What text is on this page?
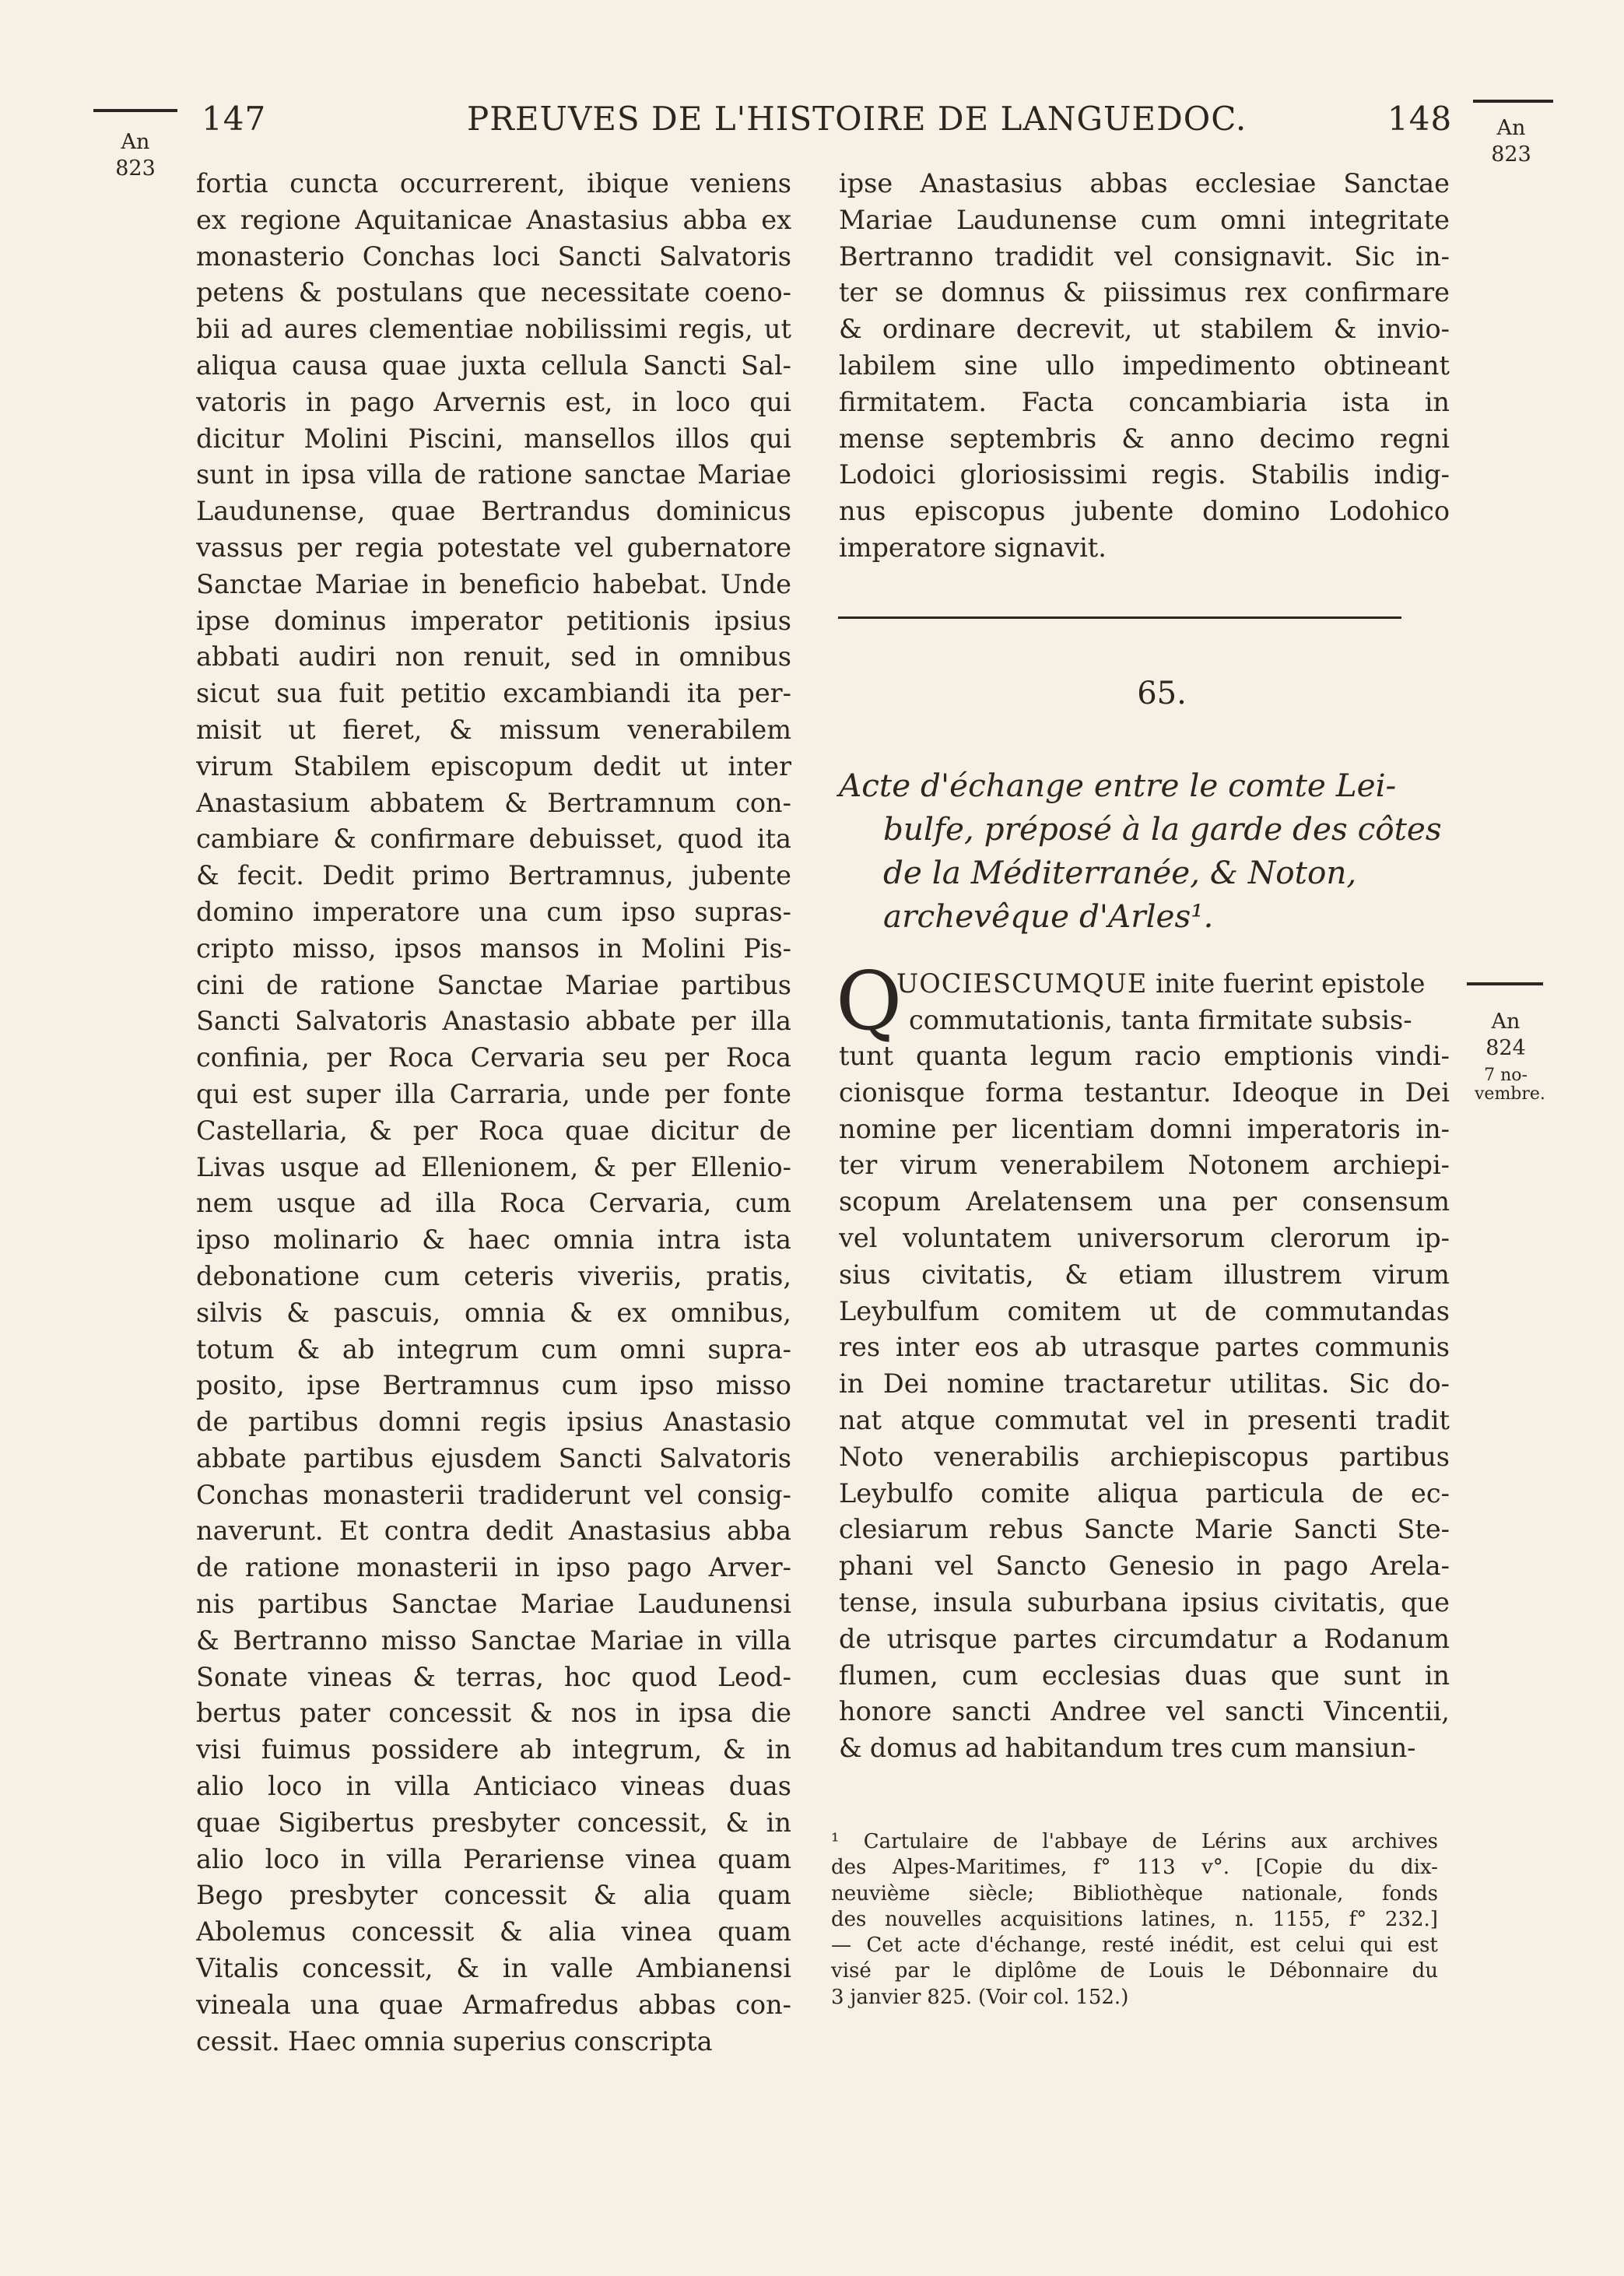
147	PREUVES DE L'HISTOIRE DE LANGUEDOC.	148
An
823
An
823
An
824
7 no-
vembre.
fortia cuncta occurrerent, ibique veniens
ex regione Aquitanicae Anastasius abba ex
monasterio Conchas loci Sancti Salvatoris
petens & postulans que necessitate coeno-
bii ad aures clementiae nobilissimi regis, ut
aliqua causa quae juxta cellula Sancti Sal-
vatoris in pago Arvernis est, in loco qui
dicitur Molini Piscini, mansellos illos qui
sunt in ipsa villa de ratione sanctae Mariae
Laudunense, quae Bertrandus dominicus
vassus per regia potestate vel gubernatore
Sanctae Mariae in beneficio habebat. Unde
ipse dominus imperator petitionis ipsius
abbati audiri non renuit, sed in omnibus
sicut sua fuit petitio excambiandi ita per-
misit ut fieret, & missum venerabilem
virum Stabilem episcopum dedit ut inter
Anastasium abbatem & Bertramnum con-
cambiare & confirmare debuisset, quod ita
& fecit. Dedit primo Bertramnus, jubente
domino imperatore una cum ipso supras-
cripto misso, ipsos mansos in Molini Pis-
cini de ratione Sanctae Mariae partibus
Sancti Salvatoris Anastasio abbate per illa
confinia, per Roca Cervaria seu per Roca
qui est super illa Carraria, unde per fonte
Castellaria, & per Roca quae dicitur de
Livas usque ad Ellenionem, & per Ellenio-
nem usque ad illa Roca Cervaria, cum
ipso molinario & haec omnia intra ista
debonatione cum ceteris viveriis, pratis,
silvis & pascuis, omnia & ex omnibus,
totum & ab integrum cum omni supra-
posito, ipse Bertramnus cum ipso misso
de partibus domni regis ipsius Anastasio
abbate partibus ejusdem Sancti Salvatoris
Conchas monasterii tradiderunt vel consig-
naverunt. Et contra dedit Anastasius abba
de ratione monasterii in ipso pago Arver-
nis partibus Sanctae Mariae Laudunensi
& Bertranno misso Sanctae Mariae in villa
Sonate vineas & terras, hoc quod Leod-
bertus pater concessit & nos in ipsa die
visi fuimus possidere ab integrum, & in
alio loco in villa Anticiaco vineas duas
quae Sigibertus presbyter concessit, & in
alio loco in villa Perariense vinea quam
Bego presbyter concessit & alia quam
Abolemus concessit & alia vinea quam
Vitalis concessit, & in valle Ambianensi
vineala una quae Armafredus abbas con-
cessit. Haec omnia superius conscripta
ipse Anastasius abbas ecclesiae Sanctae
Mariae Laudunense cum omni integritate
Bertranno tradidit vel consignavit. Sic in-
ter se domnus & piissimus rex confirmare
& ordinare decrevit, ut stabilem & invio-
labilem sine ullo impedimento obtineant
firmitatem. Facta concambiaria ista in
mense septembris & anno decimo regni
Lodoici gloriosissimi regis. Stabilis indig-
nus episcopus jubente domino Lodohico
imperatore signavit.
65.
Acte d'échange entre le comte Lei-
bulfe, préposé à la garde des côtes
de la Méditerranée, & Noton,
archevêque d'Arles¹.
Q
UOCIESCUMQUE inite fuerint epistole
commutationis, tanta firmitate subsis-
tunt quanta legum racio emptionis vindi-
cionisque forma testantur. Ideoque in Dei
nomine per licentiam domni imperatoris in-
ter virum venerabilem Notonem archiepi-
scopum Arelatensem una per consensum
vel voluntatem universorum clerorum ip-
sius civitatis, & etiam illustrem virum
Leybulfum comitem ut de commutandas
res inter eos ab utrasque partes communis
in Dei nomine tractaretur utilitas. Sic do-
nat atque commutat vel in presenti tradit
Noto venerabilis archiepiscopus partibus
Leybulfo comite aliqua particula de ec-
clesiarum rebus Sancte Marie Sancti Ste-
phani vel Sancto Genesio in pago Arela-
tense, insula suburbana ipsius civitatis, que
de utrisque partes circumdatur a Rodanum
flumen, cum ecclesias duas que sunt in
honore sancti Andree vel sancti Vincentii,
& domus ad habitandum tres cum mansiun-
¹ Cartulaire de l'abbaye de Lérins aux archives
des Alpes-Maritimes, f° 113 v°. [Copie du dix-
neuvième siècle; Bibliothèque nationale, fonds
des nouvelles acquisitions latines, n. 1155, f° 232.]
— Cet acte d'échange, resté inédit, est celui qui est
visé par le diplôme de Louis le Débonnaire du
3 janvier 825. (Voir col. 152.)
